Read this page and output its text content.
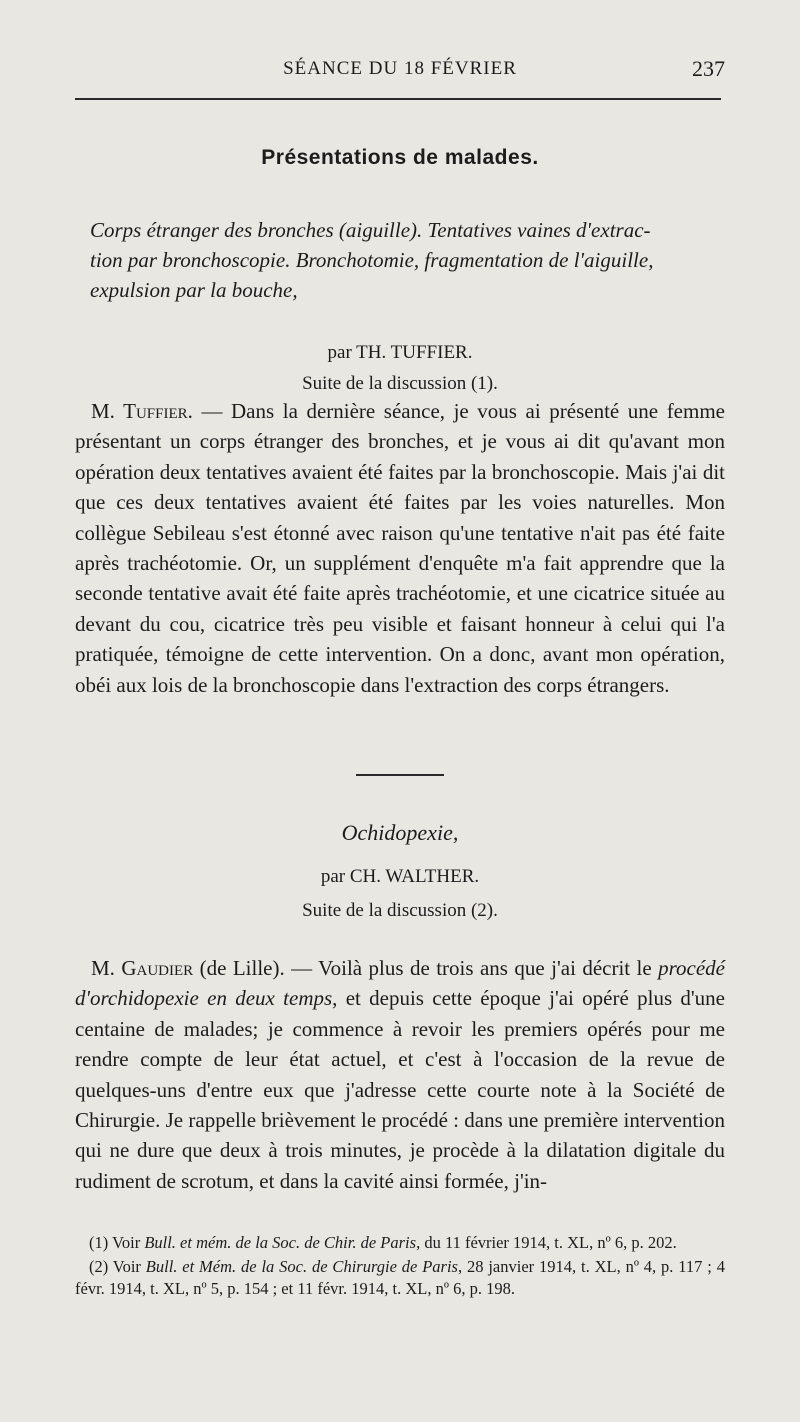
SÉANCE DU 18 FÉVRIER	237
Présentations de malades.
Corps étranger des bronches (aiguille). Tentatives vaines d'extrac-
tion par bronchoscopie. Bronchotomie, fragmentation de l'aiguille,
expulsion par la bouche,
par TH. TUFFIER.
Suite de la discussion (1).

M. Tuffier. — Dans la dernière séance, je vous ai présenté une femme présentant un corps étranger des bronches, et je vous ai dit qu'avant mon opération deux tentatives avaient été faites par la bronchoscopie. Mais j'ai dit que ces deux tentatives avaient été faites par les voies naturelles. Mon collègue Sebileau s'est étonné avec raison qu'une tentative n'ait pas été faite après trachéotomie. Or, un supplément d'enquête m'a fait apprendre que la seconde tentative avait été faite après trachéotomie, et une cicatrice située au devant du cou, cicatrice très peu visible et faisant honneur à celui qui l'a pratiquée, témoigne de cette intervention. On a donc, avant mon opération, obéi aux lois de la bronchoscopie dans l'extraction des corps étrangers.

Ochidopexie,
par CH. WALTHER.
Suite de la discussion (2).

M. Gaudier (de Lille). — Voilà plus de trois ans que j'ai décrit le procédé d'orchidopexie en deux temps, et depuis cette époque j'ai opéré plus d'une centaine de malades; je commence à revoir les premiers opérés pour me rendre compte de leur état actuel, et c'est à l'occasion de la revue de quelques-uns d'entre eux que j'adresse cette courte note à la Société de Chirurgie. Je rappelle brièvement le procédé : dans une première intervention qui ne dure que deux à trois minutes, je procède à la dilatation digitale du rudiment de scrotum, et dans la cavité ainsi formée, j'in-

(1) Voir Bull. et mém. de la Soc. de Chir. de Paris, du 11 février 1914, t. XL, nº 6, p. 202.

(2) Voir Bull. et Mém. de la Soc. de Chirurgie de Paris, 28 janvier 1914, t. XL, nº 4, p. 117 ; 4 févr. 1914, t. XL, nº 5, p. 154 ; et 11 févr. 1914, t. XL, nº 6, p. 198.
